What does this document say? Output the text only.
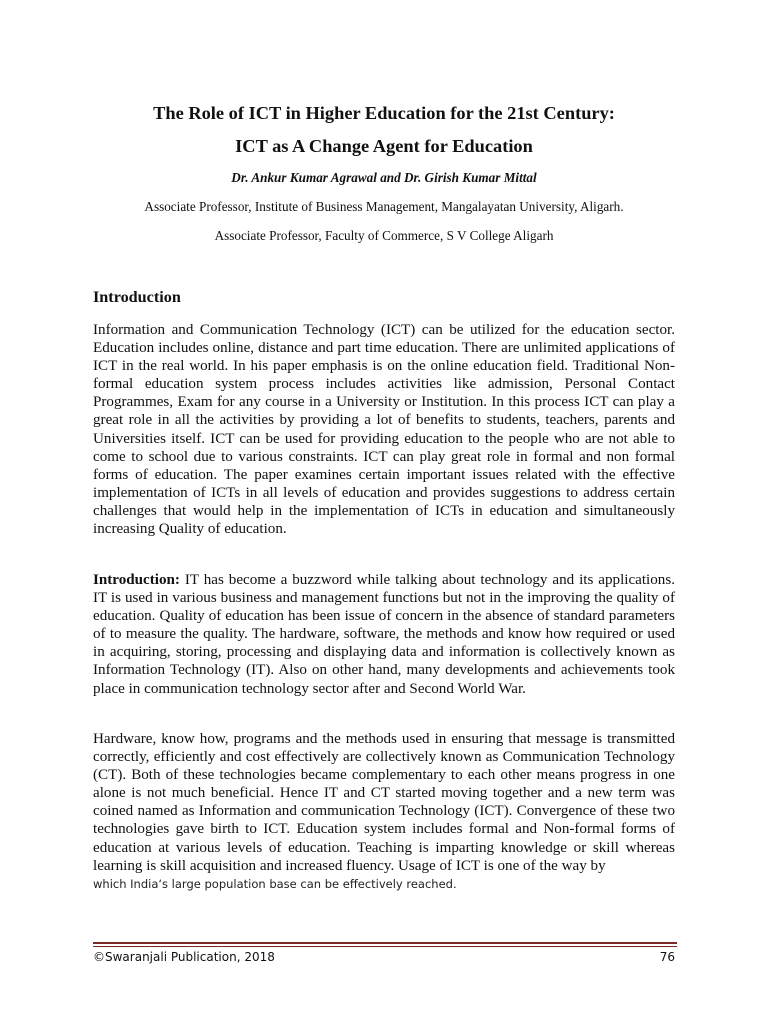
The Role of ICT in Higher Education for the 21st Century:
ICT as A Change Agent for Education
Dr. Ankur Kumar Agrawal and Dr. Girish Kumar Mittal
Associate Professor, Institute of Business Management, Mangalayatan University, Aligarh.
Associate Professor, Faculty of Commerce, S V College Aligarh
Introduction

Information and Communication Technology (ICT) can be utilized for the education sector. Education includes online, distance and part time education. There are unlimited applications of ICT in the real world. In his paper emphasis is on the online education field. Traditional Non-formal education system process includes activities like admission, Personal Contact Programmes, Exam for any course in a University or Institution. In this process ICT can play a great role in all the activities by providing a lot of benefits to students, teachers, parents and Universities itself. ICT can be used for providing education to the people who are not able to come to school due to various constraints. ICT can play great role in formal and non formal forms of education. The paper examines certain important issues related with the effective implementation of ICTs in all levels of education and provides suggestions to address certain challenges that would help in the implementation of ICTs in education and simultaneously increasing Quality of education.

Introduction: IT has become a buzzword while talking about technology and its applications. IT is used in various business and management functions but not in the improving the quality of education. Quality of education has been issue of concern in the absence of standard parameters of to measure the quality. The hardware, software, the methods and know how required or used in acquiring, storing, processing and displaying data and information is collectively known as Information Technology (IT). Also on other hand, many developments and achievements took place in communication technology sector after and Second World War.

Hardware, know how, programs and the methods used in ensuring that message is transmitted correctly, efficiently and cost effectively are collectively known as Communication Technology (CT). Both of these technologies became complementary to each other means progress in one alone is not much beneficial. Hence IT and CT started moving together and a new term was coined named as Information and communication Technology (ICT). Convergence of these two technologies gave birth to ICT. Education system includes formal and Non-formal forms of education at various levels of education. Teaching is imparting knowledge or skill whereas learning is skill acquisition and increased fluency. Usage of ICT is one of the way by
which India‘s large population base can be effectively reached.

©Swaranjali Publication, 2018	76
